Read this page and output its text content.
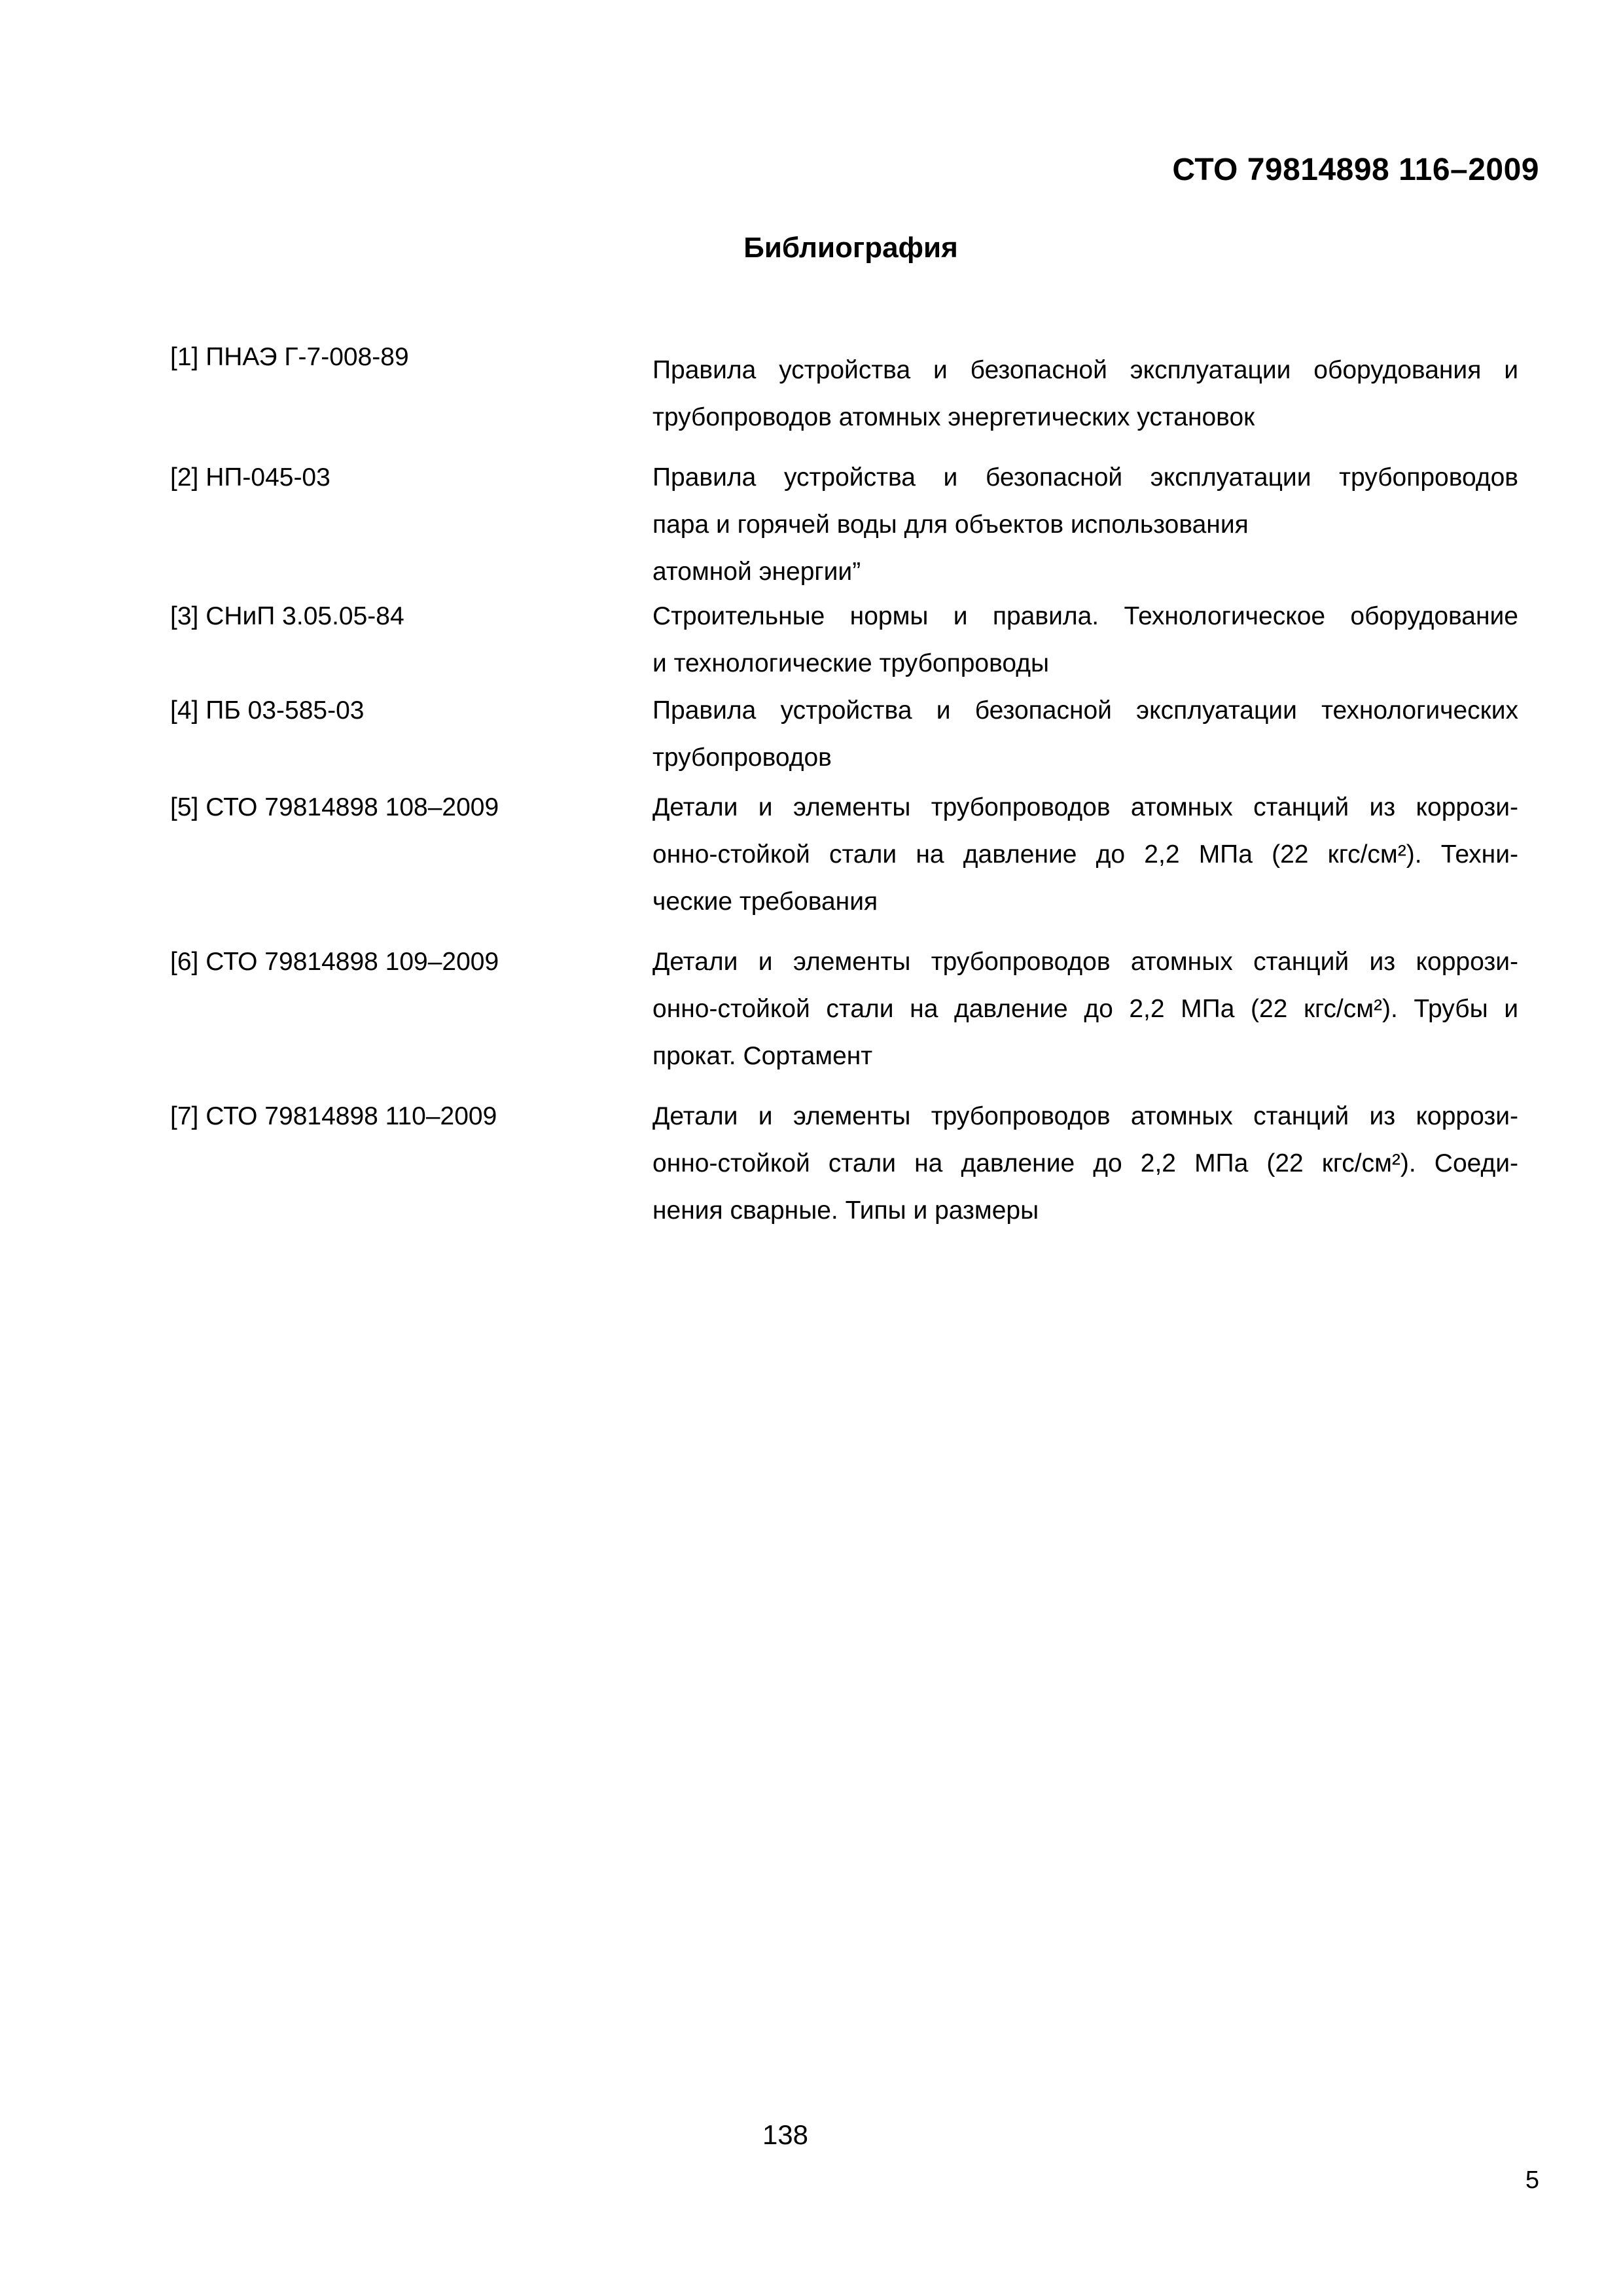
СТО 79814898 116–2009
Библиография
[1] ПНАЭ Г-7-008-89	Правила устройства и безопасной эксплуатации оборудования и
трубопроводов атомных энергетических установок
[2] НП-045-03	Правила устройства и безопасной эксплуатации трубопроводов
пара и горячей воды для объектов использования
атомной энергии”
[3] СНиП 3.05.05-84	Строительные нормы и правила. Технологическое оборудование
и технологические трубопроводы
[4] ПБ 03-585-03	Правила устройства и безопасной эксплуатации технологических
трубопроводов
[5] СТО 79814898 108–2009	Детали и элементы трубопроводов атомных станций из коррози-
онно-стойкой стали на давление до 2,2 МПа (22 кгс/см²). Техни-
ческие требования
[6] СТО 79814898 109–2009	Детали и элементы трубопроводов атомных станций из коррози-
онно-стойкой стали на давление до 2,2 МПа (22 кгс/см²). Трубы и
прокат. Сортамент
[7] СТО 79814898 110–2009	Детали и элементы трубопроводов атомных станций из коррози-
онно-стойкой стали на давление до 2,2 МПа (22 кгс/см²). Соеди-
нения сварные. Типы и размеры
138
5
